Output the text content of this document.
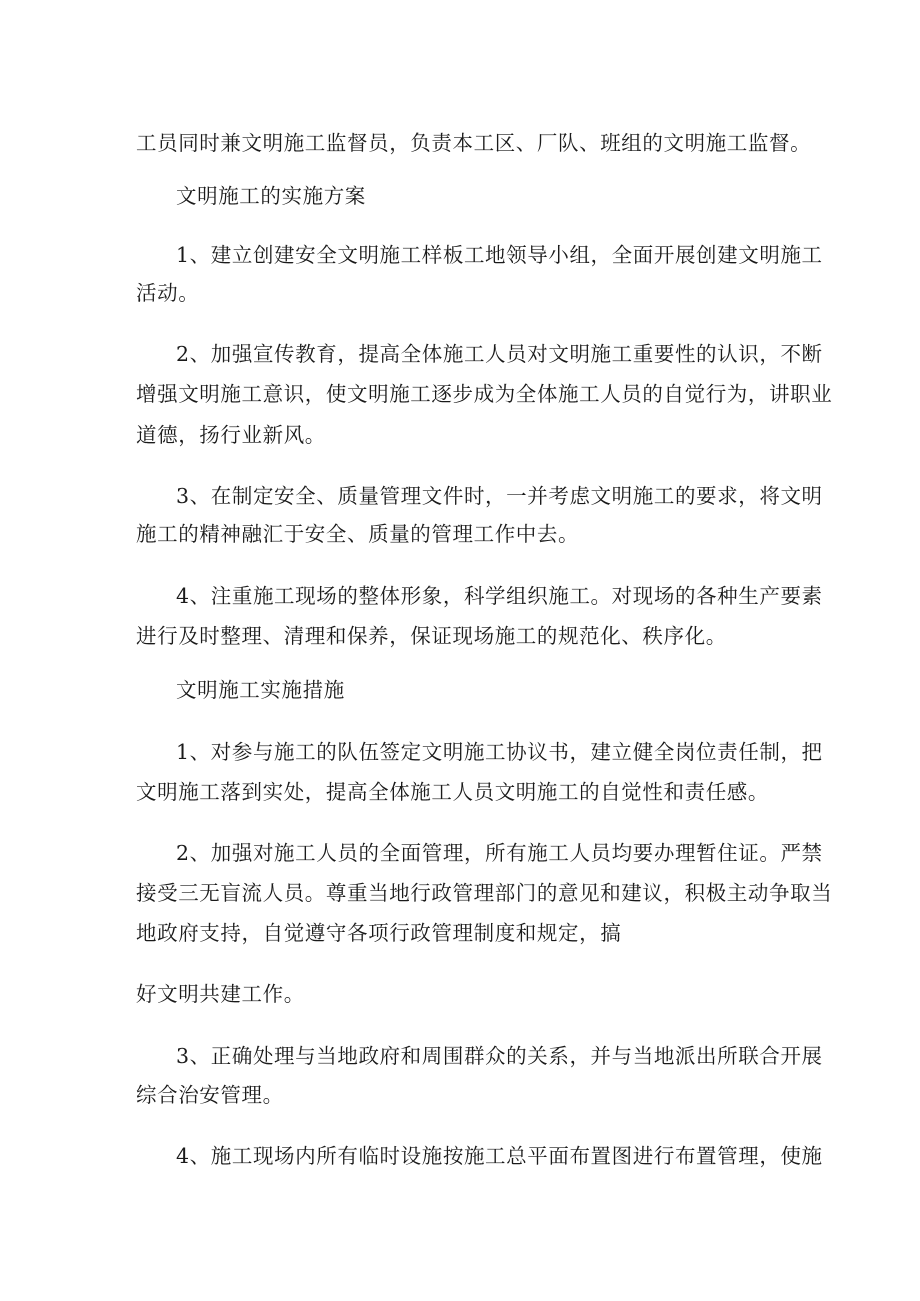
工员同时兼文明施工监督员，负责本工区、厂队、班组的文明施工监督。
文明施工的实施方案
1、建立创建安全文明施工样板工地领导小组，全面开展创建文明施工
活动。
2、加强宣传教育，提高全体施工人员对文明施工重要性的认识，不断
增强文明施工意识，使文明施工逐步成为全体施工人员的自觉行为，讲职业
道德，扬行业新风。
3、在制定安全、质量管理文件时，一并考虑文明施工的要求，将文明
施工的精神融汇于安全、质量的管理工作中去。
4、注重施工现场的整体形象，科学组织施工。对现场的各种生产要素
进行及时整理、清理和保养，保证现场施工的规范化、秩序化。
文明施工实施措施
1、对参与施工的队伍签定文明施工协议书，建立健全岗位责任制，把
文明施工落到实处，提高全体施工人员文明施工的自觉性和责任感。
2、加强对施工人员的全面管理，所有施工人员均要办理暂住证。严禁
接受三无盲流人员。尊重当地行政管理部门的意见和建议，积极主动争取当
地政府支持，自觉遵守各项行政管理制度和规定，搞
好文明共建工作。
3、正确处理与当地政府和周围群众的关系，并与当地派出所联合开展
综合治安管理。
4、施工现场内所有临时设施按施工总平面布置图进行布置管理，使施
